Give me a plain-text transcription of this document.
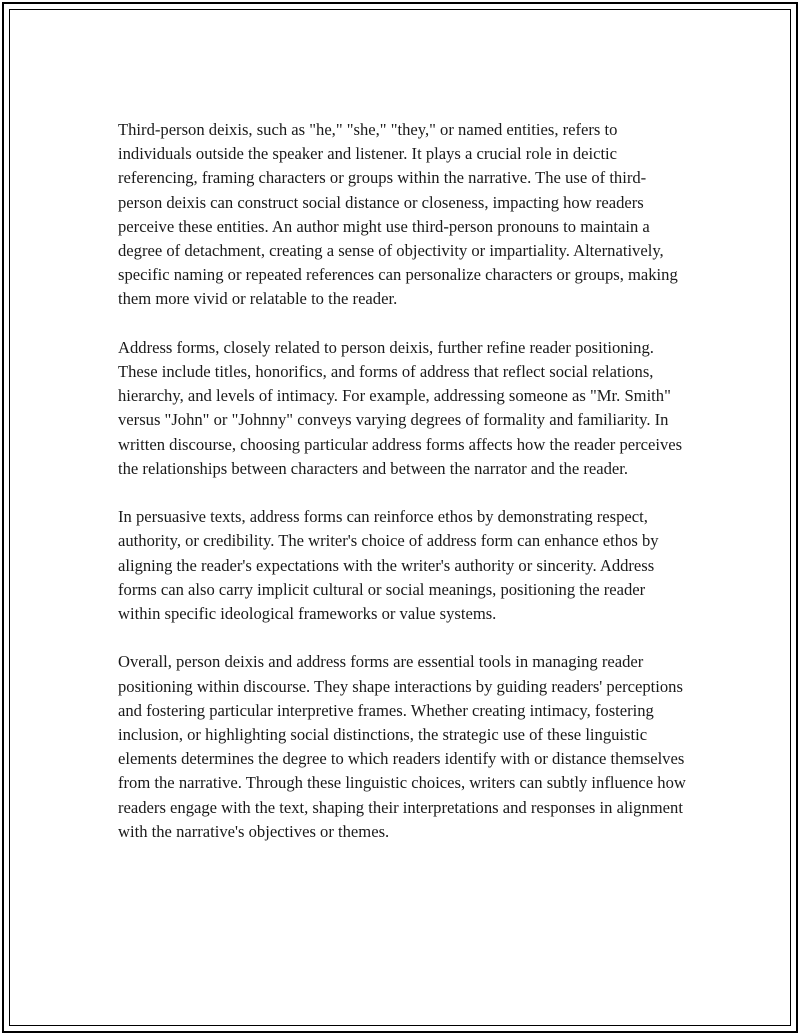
Third-person deixis, such as "he," "she," "they," or named entities, refers to individuals outside the speaker and listener. It plays a crucial role in deictic referencing, framing characters or groups within the narrative. The use of third-person deixis can construct social distance or closeness, impacting how readers perceive these entities. An author might use third-person pronouns to maintain a degree of detachment, creating a sense of objectivity or impartiality. Alternatively, specific naming or repeated references can personalize characters or groups, making them more vivid or relatable to the reader.

Address forms, closely related to person deixis, further refine reader positioning. These include titles, honorifics, and forms of address that reflect social relations, hierarchy, and levels of intimacy. For example, addressing someone as "Mr. Smith" versus "John" or "Johnny" conveys varying degrees of formality and familiarity. In written discourse, choosing particular address forms affects how the reader perceives the relationships between characters and between the narrator and the reader.

In persuasive texts, address forms can reinforce ethos by demonstrating respect, authority, or credibility. The writer's choice of address form can enhance ethos by aligning the reader's expectations with the writer's authority or sincerity. Address forms can also carry implicit cultural or social meanings, positioning the reader within specific ideological frameworks or value systems.

Overall, person deixis and address forms are essential tools in managing reader positioning within discourse. They shape interactions by guiding readers' perceptions and fostering particular interpretive frames. Whether creating intimacy, fostering inclusion, or highlighting social distinctions, the strategic use of these linguistic elements determines the degree to which readers identify with or distance themselves from the narrative. Through these linguistic choices, writers can subtly influence how readers engage with the text, shaping their interpretations and responses in alignment with the narrative's objectives or themes.
